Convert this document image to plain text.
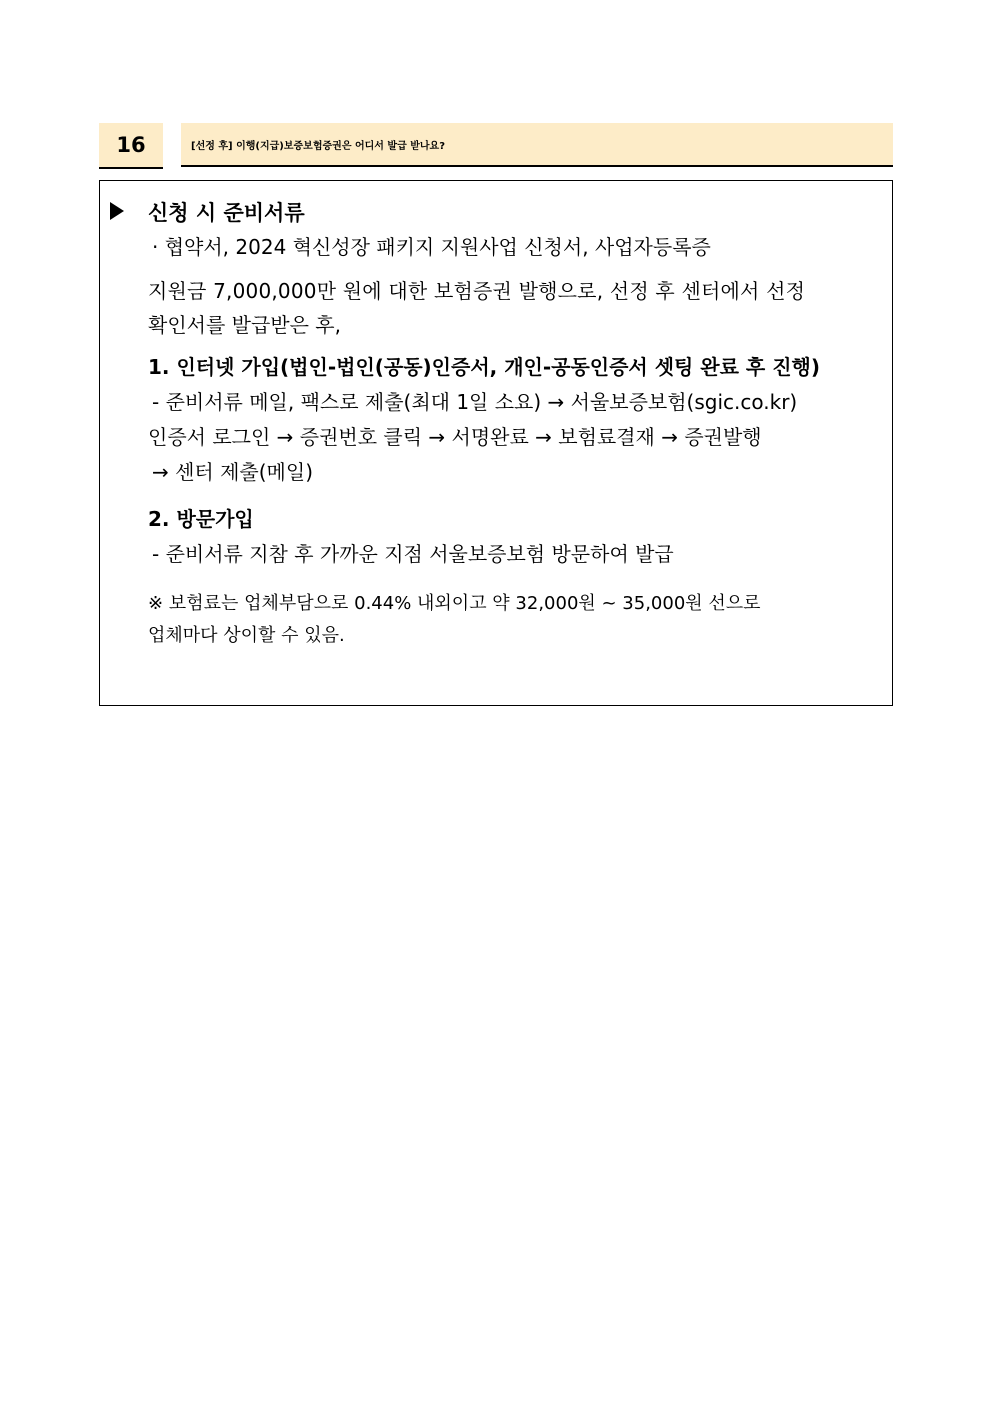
16	[선정 후] 이행(지급)보증보험증권은 어디서 발급 받나요?
신청 시 준비서류
· 협약서, 2024 혁신성장 패키지 지원사업 신청서, 사업자등록증
지원금 7,000,000만 원에 대한 보험증권 발행으로, 선정 후 센터에서 선정
확인서를 발급받은 후,
1. 인터넷 가입(법인-법인(공동)인증서, 개인-공동인증서 셋팅 완료 후 진행)
- 준비서류 메일, 팩스로 제출(최대 1일 소요) → 서울보증보험(sgic.co.kr)
인증서 로그인 → 증권번호 클릭 → 서명완료 → 보험료결재 → 증권발행
→ 센터 제출(메일)
2. 방문가입
- 준비서류 지참 후 가까운 지점 서울보증보험 방문하여 발급
※ 보험료는 업체부담으로 0.44% 내외이고 약 32,000원 ~ 35,000원 선으로
업체마다 상이할 수 있음.
